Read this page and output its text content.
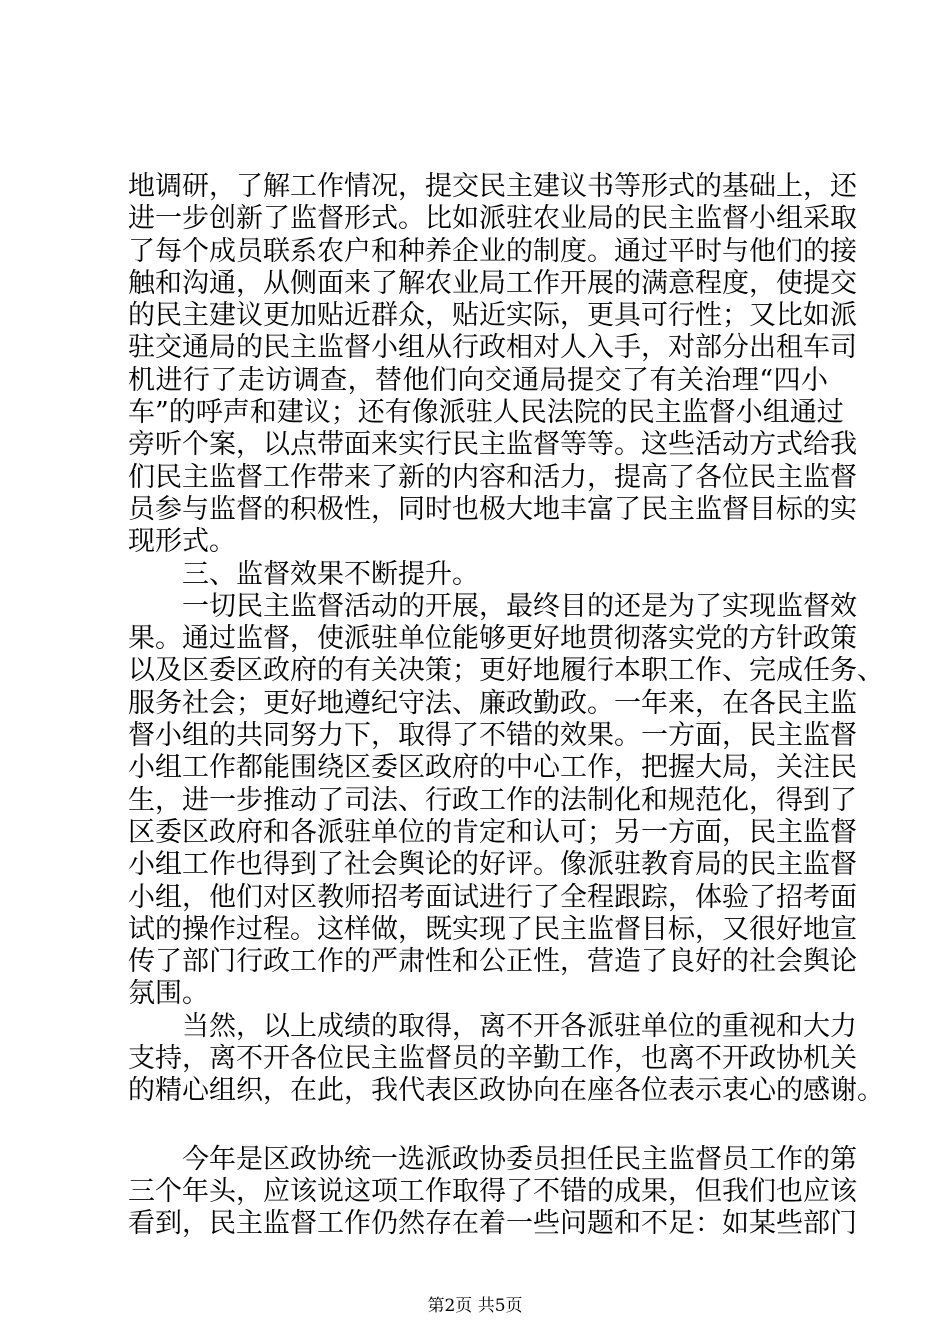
地调研，了解工作情况，提交民主建议书等形式的基础上，还
进一步创新了监督形式。比如派驻农业局的民主监督小组采取
了每个成员联系农户和种养企业的制度。通过平时与他们的接
触和沟通，从侧面来了解农业局工作开展的满意程度，使提交
的民主建议更加贴近群众，贴近实际，更具可行性；又比如派
驻交通局的民主监督小组从行政相对人入手，对部分出租车司
机进行了走访调查，替他们向交通局提交了有关治理“四小
车”的呼声和建议；还有像派驻人民法院的民主监督小组通过
旁听个案，以点带面来实行民主监督等等。这些活动方式给我
们民主监督工作带来了新的内容和活力，提高了各位民主监督
员参与监督的积极性，同时也极大地丰富了民主监督目标的实
现形式。
三、监督效果不断提升。
一切民主监督活动的开展，最终目的还是为了实现监督效
果。通过监督，使派驻单位能够更好地贯彻落实党的方针政策
以及区委区政府的有关决策；更好地履行本职工作、完成任务、
服务社会；更好地遵纪守法、廉政勤政。一年来，在各民主监
督小组的共同努力下，取得了不错的效果。一方面，民主监督
小组工作都能围绕区委区政府的中心工作，把握大局，关注民
生，进一步推动了司法、行政工作的法制化和规范化，得到了
区委区政府和各派驻单位的肯定和认可；另一方面，民主监督
小组工作也得到了社会舆论的好评。像派驻教育局的民主监督
小组，他们对区教师招考面试进行了全程跟踪，体验了招考面
试的操作过程。这样做，既实现了民主监督目标，又很好地宣
传了部门行政工作的严肃性和公正性，营造了良好的社会舆论
氛围。
当然，以上成绩的取得，离不开各派驻单位的重视和大力
支持，离不开各位民主监督员的辛勤工作，也离不开政协机关
的精心组织，在此，我代表区政协向在座各位表示衷心的感谢。
今年是区政协统一选派政协委员担任民主监督员工作的第
三个年头，应该说这项工作取得了不错的成果，但我们也应该
看到，民主监督工作仍然存在着一些问题和不足：如某些部门
第2页 共5页
